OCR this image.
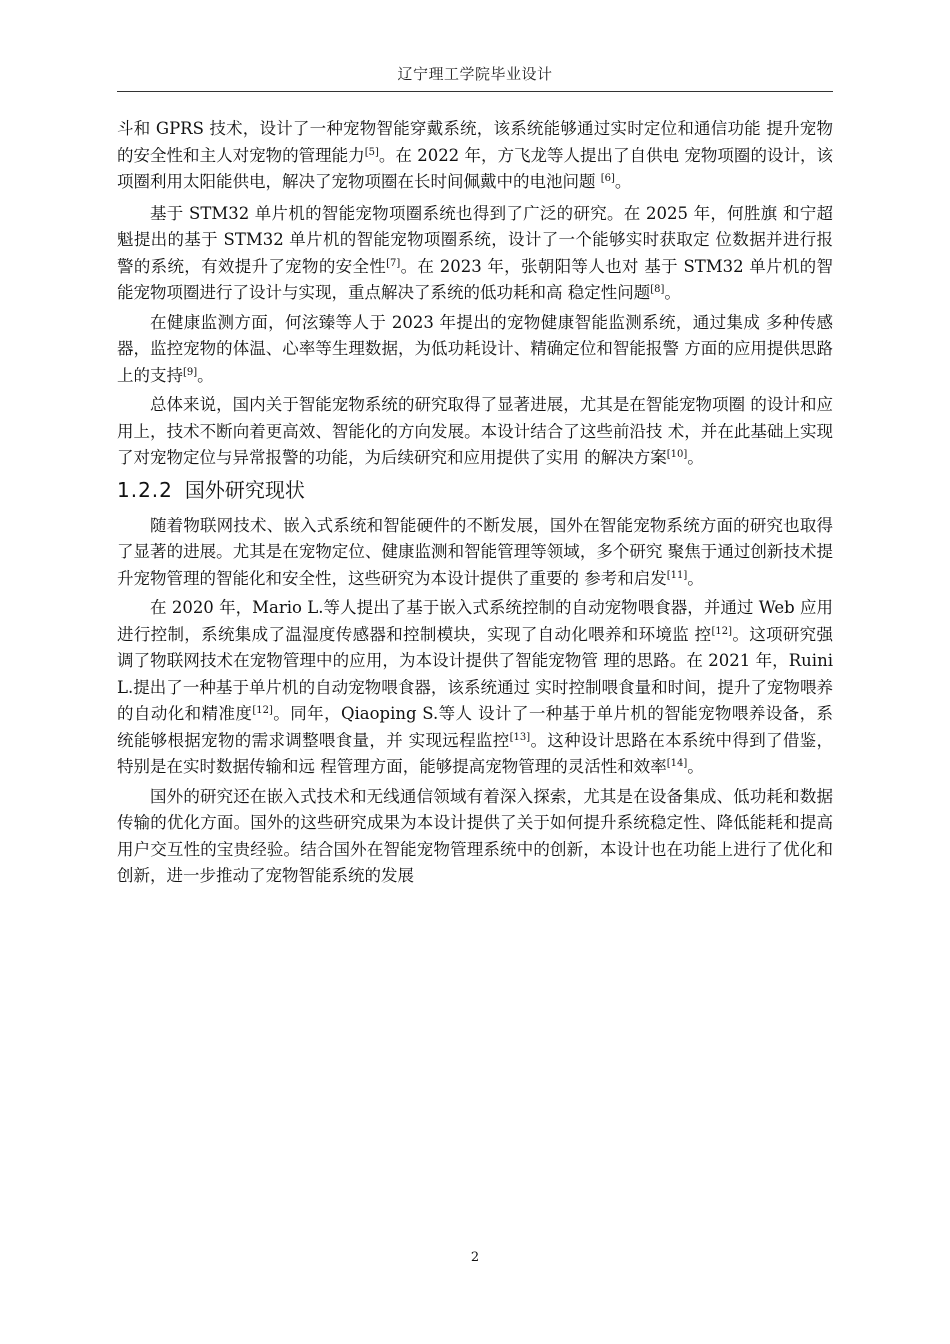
辽宁理工学院毕业设计

斗和 GPRS 技术，设计了一种宠物智能穿戴系统，该系统能够通过实时定位和通信功能 提升宠物的安全性和主人对宠物的管理能力[5]。在 2022 年，方飞龙等人提出了自供电 宠物项圈的设计，该项圈利用太阳能供电，解决了宠物项圈在长时间佩戴中的电池问题 [6]。

基于 STM32 单片机的智能宠物项圈系统也得到了广泛的研究。在 2025 年，何胜旗 和宁超魁提出的基于 STM32 单片机的智能宠物项圈系统，设计了一个能够实时获取定 位数据并进行报警的系统，有效提升了宠物的安全性[7]。在 2023 年，张朝阳等人也对 基于 STM32 单片机的智能宠物项圈进行了设计与实现，重点解决了系统的低功耗和高 稳定性问题[8]。

在健康监测方面，何泫臻等人于 2023 年提出的宠物健康智能监测系统，通过集成 多种传感器，监控宠物的体温、心率等生理数据，为低功耗设计、精确定位和智能报警 方面的应用提供思路上的支持[9]。

总体来说，国内关于智能宠物系统的研究取得了显著进展，尤其是在智能宠物项圈 的设计和应用上，技术不断向着更高效、智能化的方向发展。本设计结合了这些前沿技 术，并在此基础上实现了对宠物定位与异常报警的功能，为后续研究和应用提供了实用 的解决方案[10]。

1.2.2 国外研究现状

随着物联网技术、嵌入式系统和智能硬件的不断发展，国外在智能宠物系统方面的研究也取得了显著的进展。尤其是在宠物定位、健康监测和智能管理等领域，多个研究 聚焦于通过创新技术提升宠物管理的智能化和安全性，这些研究为本设计提供了重要的 参考和启发[11]。

在 2020 年，Mario L.等人提出了基于嵌入式系统控制的自动宠物喂食器，并通过 Web 应用进行控制，系统集成了温湿度传感器和控制模块，实现了自动化喂养和环境监 控[12]。这项研究强调了物联网技术在宠物管理中的应用，为本设计提供了智能宠物管 理的思路。在 2021 年，Ruini L.提出了一种基于单片机的自动宠物喂食器，该系统通过 实时控制喂食量和时间，提升了宠物喂养的自动化和精准度[12]。同年，Qiaoping S.等人 设计了一种基于单片机的智能宠物喂养设备，系统能够根据宠物的需求调整喂食量，并 实现远程监控[13]。这种设计思路在本系统中得到了借鉴，特别是在实时数据传输和远 程管理方面，能够提高宠物管理的灵活性和效率[14]。

国外的研究还在嵌入式技术和无线通信领域有着深入探索，尤其是在设备集成、低功耗和数据传输的优化方面。国外的这些研究成果为本设计提供了关于如何提升系统稳定性、降低能耗和提高用户交互性的宝贵经验。结合国外在智能宠物管理系统中的创新，本设计也在功能上进行了优化和创新，进一步推动了宠物智能系统的发展

2
